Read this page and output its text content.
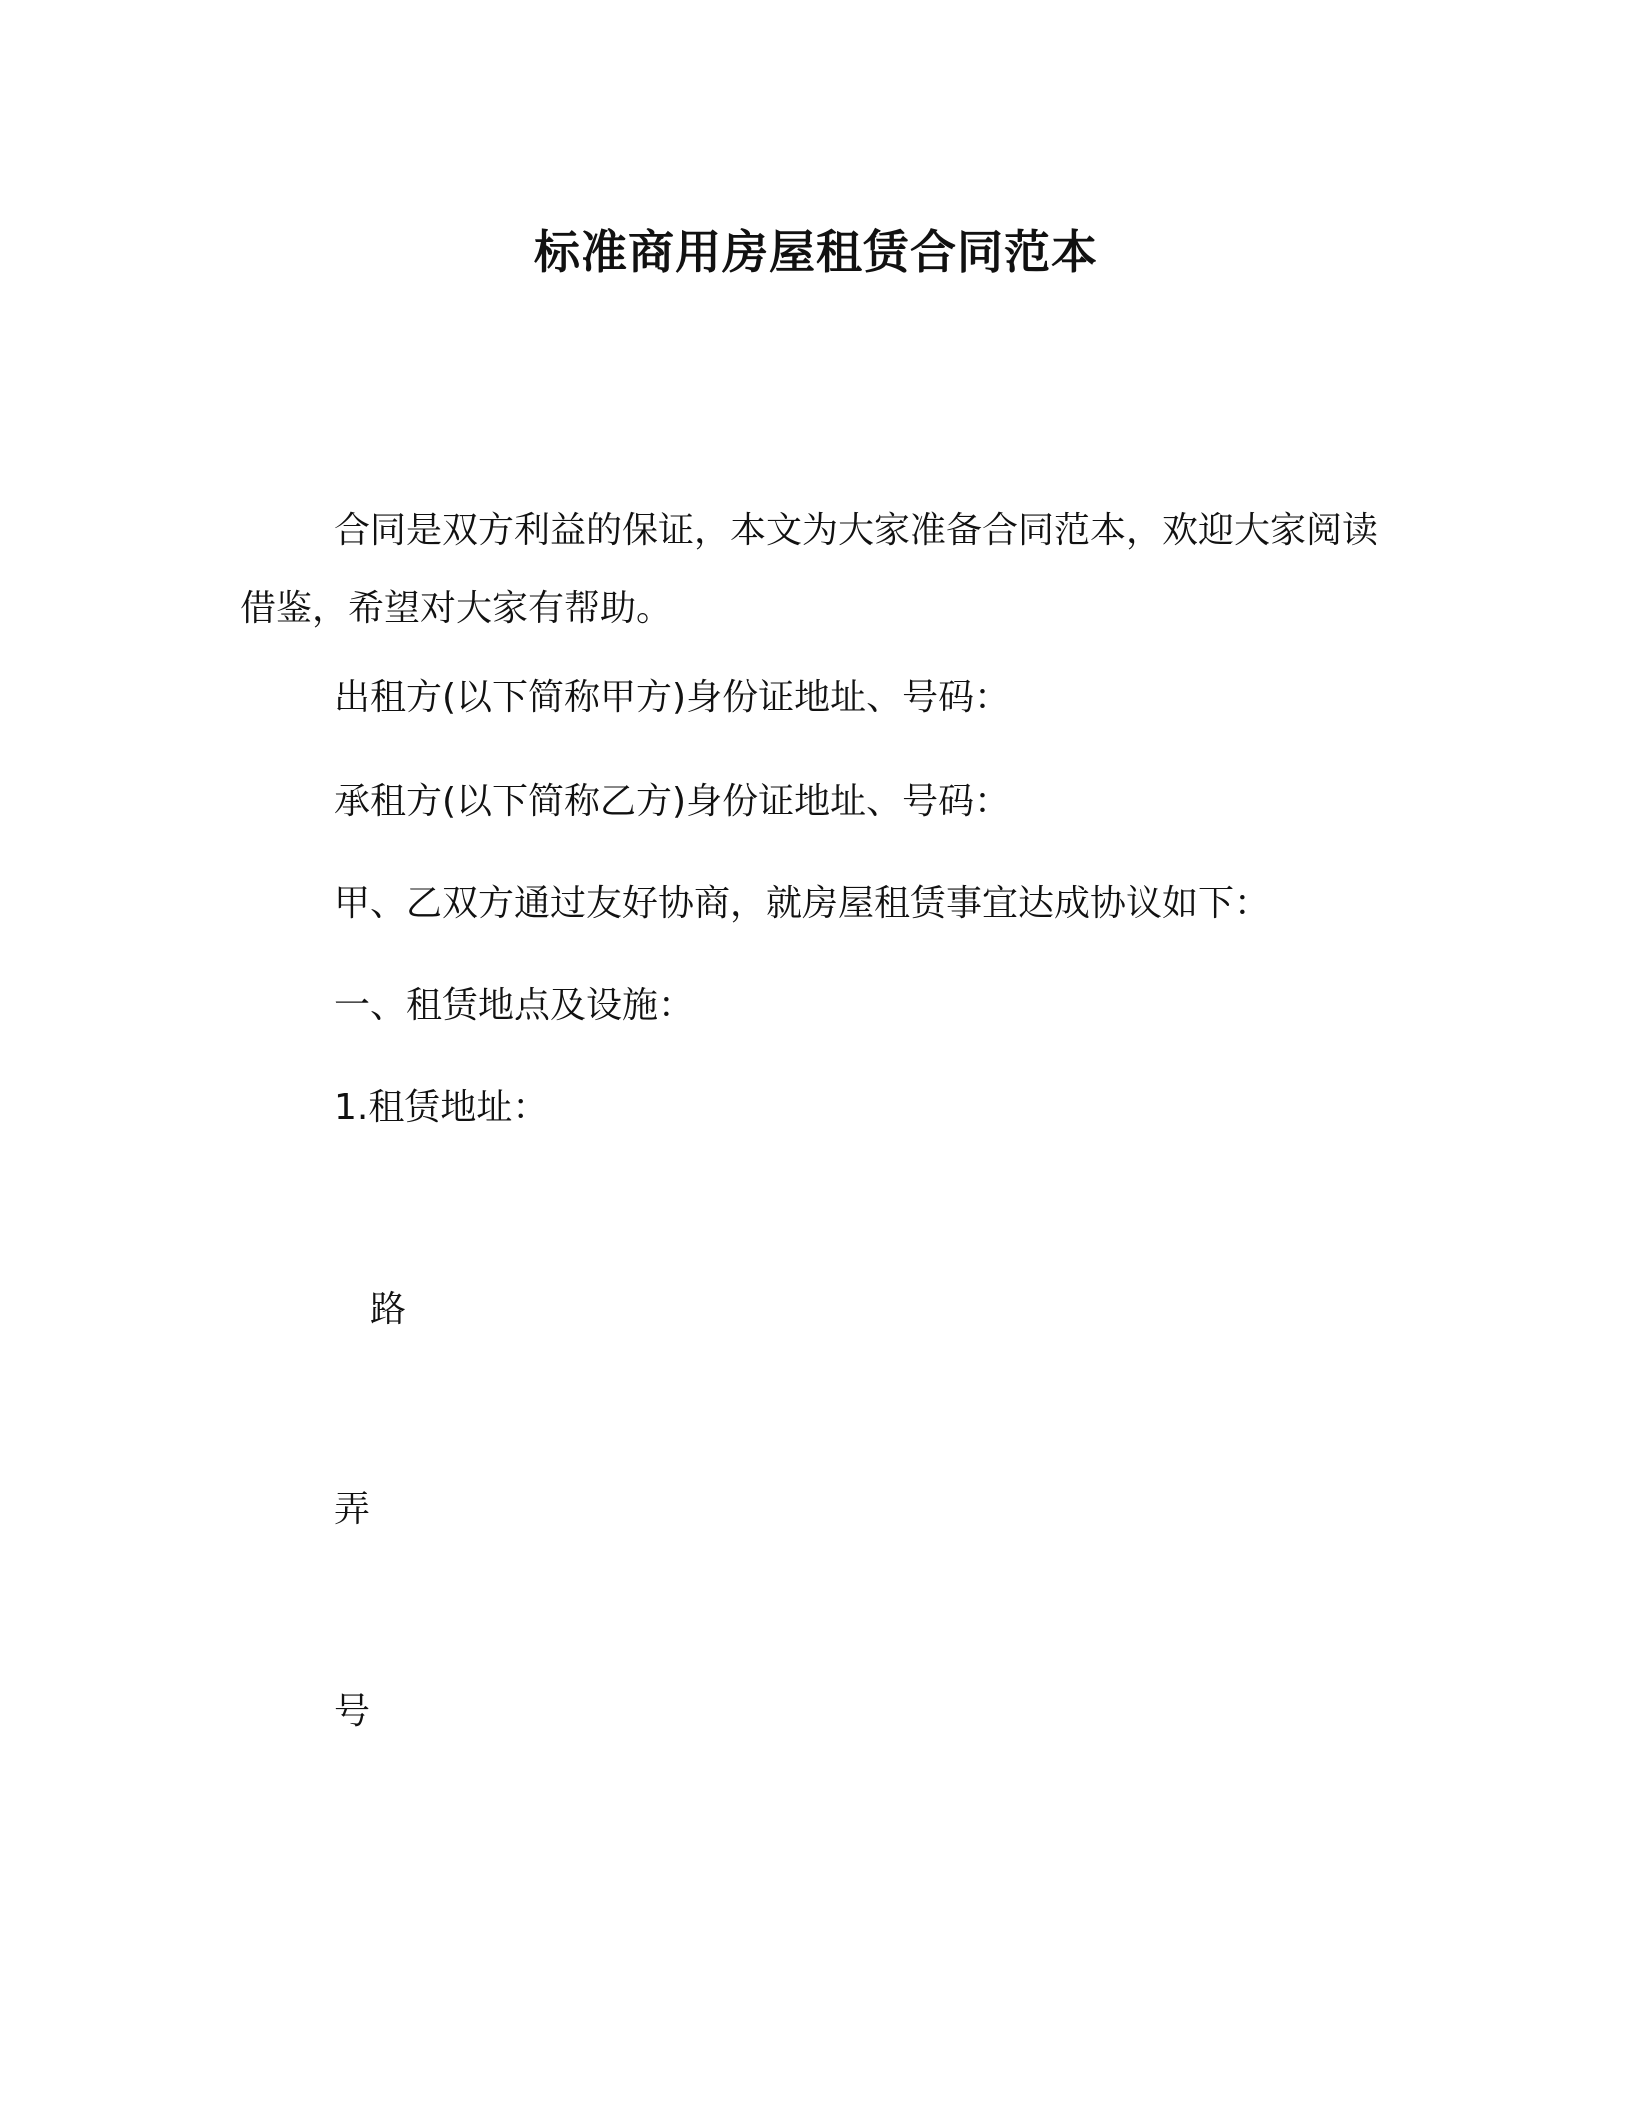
标准商用房屋租赁合同范本
合同是双方利益的保证，本文为大家准备合同范本，欢迎大家阅读借鉴，希望对大家有帮助。
出租方(以下简称甲方)身份证地址、号码：
承租方(以下简称乙方)身份证地址、号码：
甲、乙双方通过友好协商，就房屋租赁事宜达成协议如下：
一、租赁地点及设施：
1.租赁地址：
路
弄
号
